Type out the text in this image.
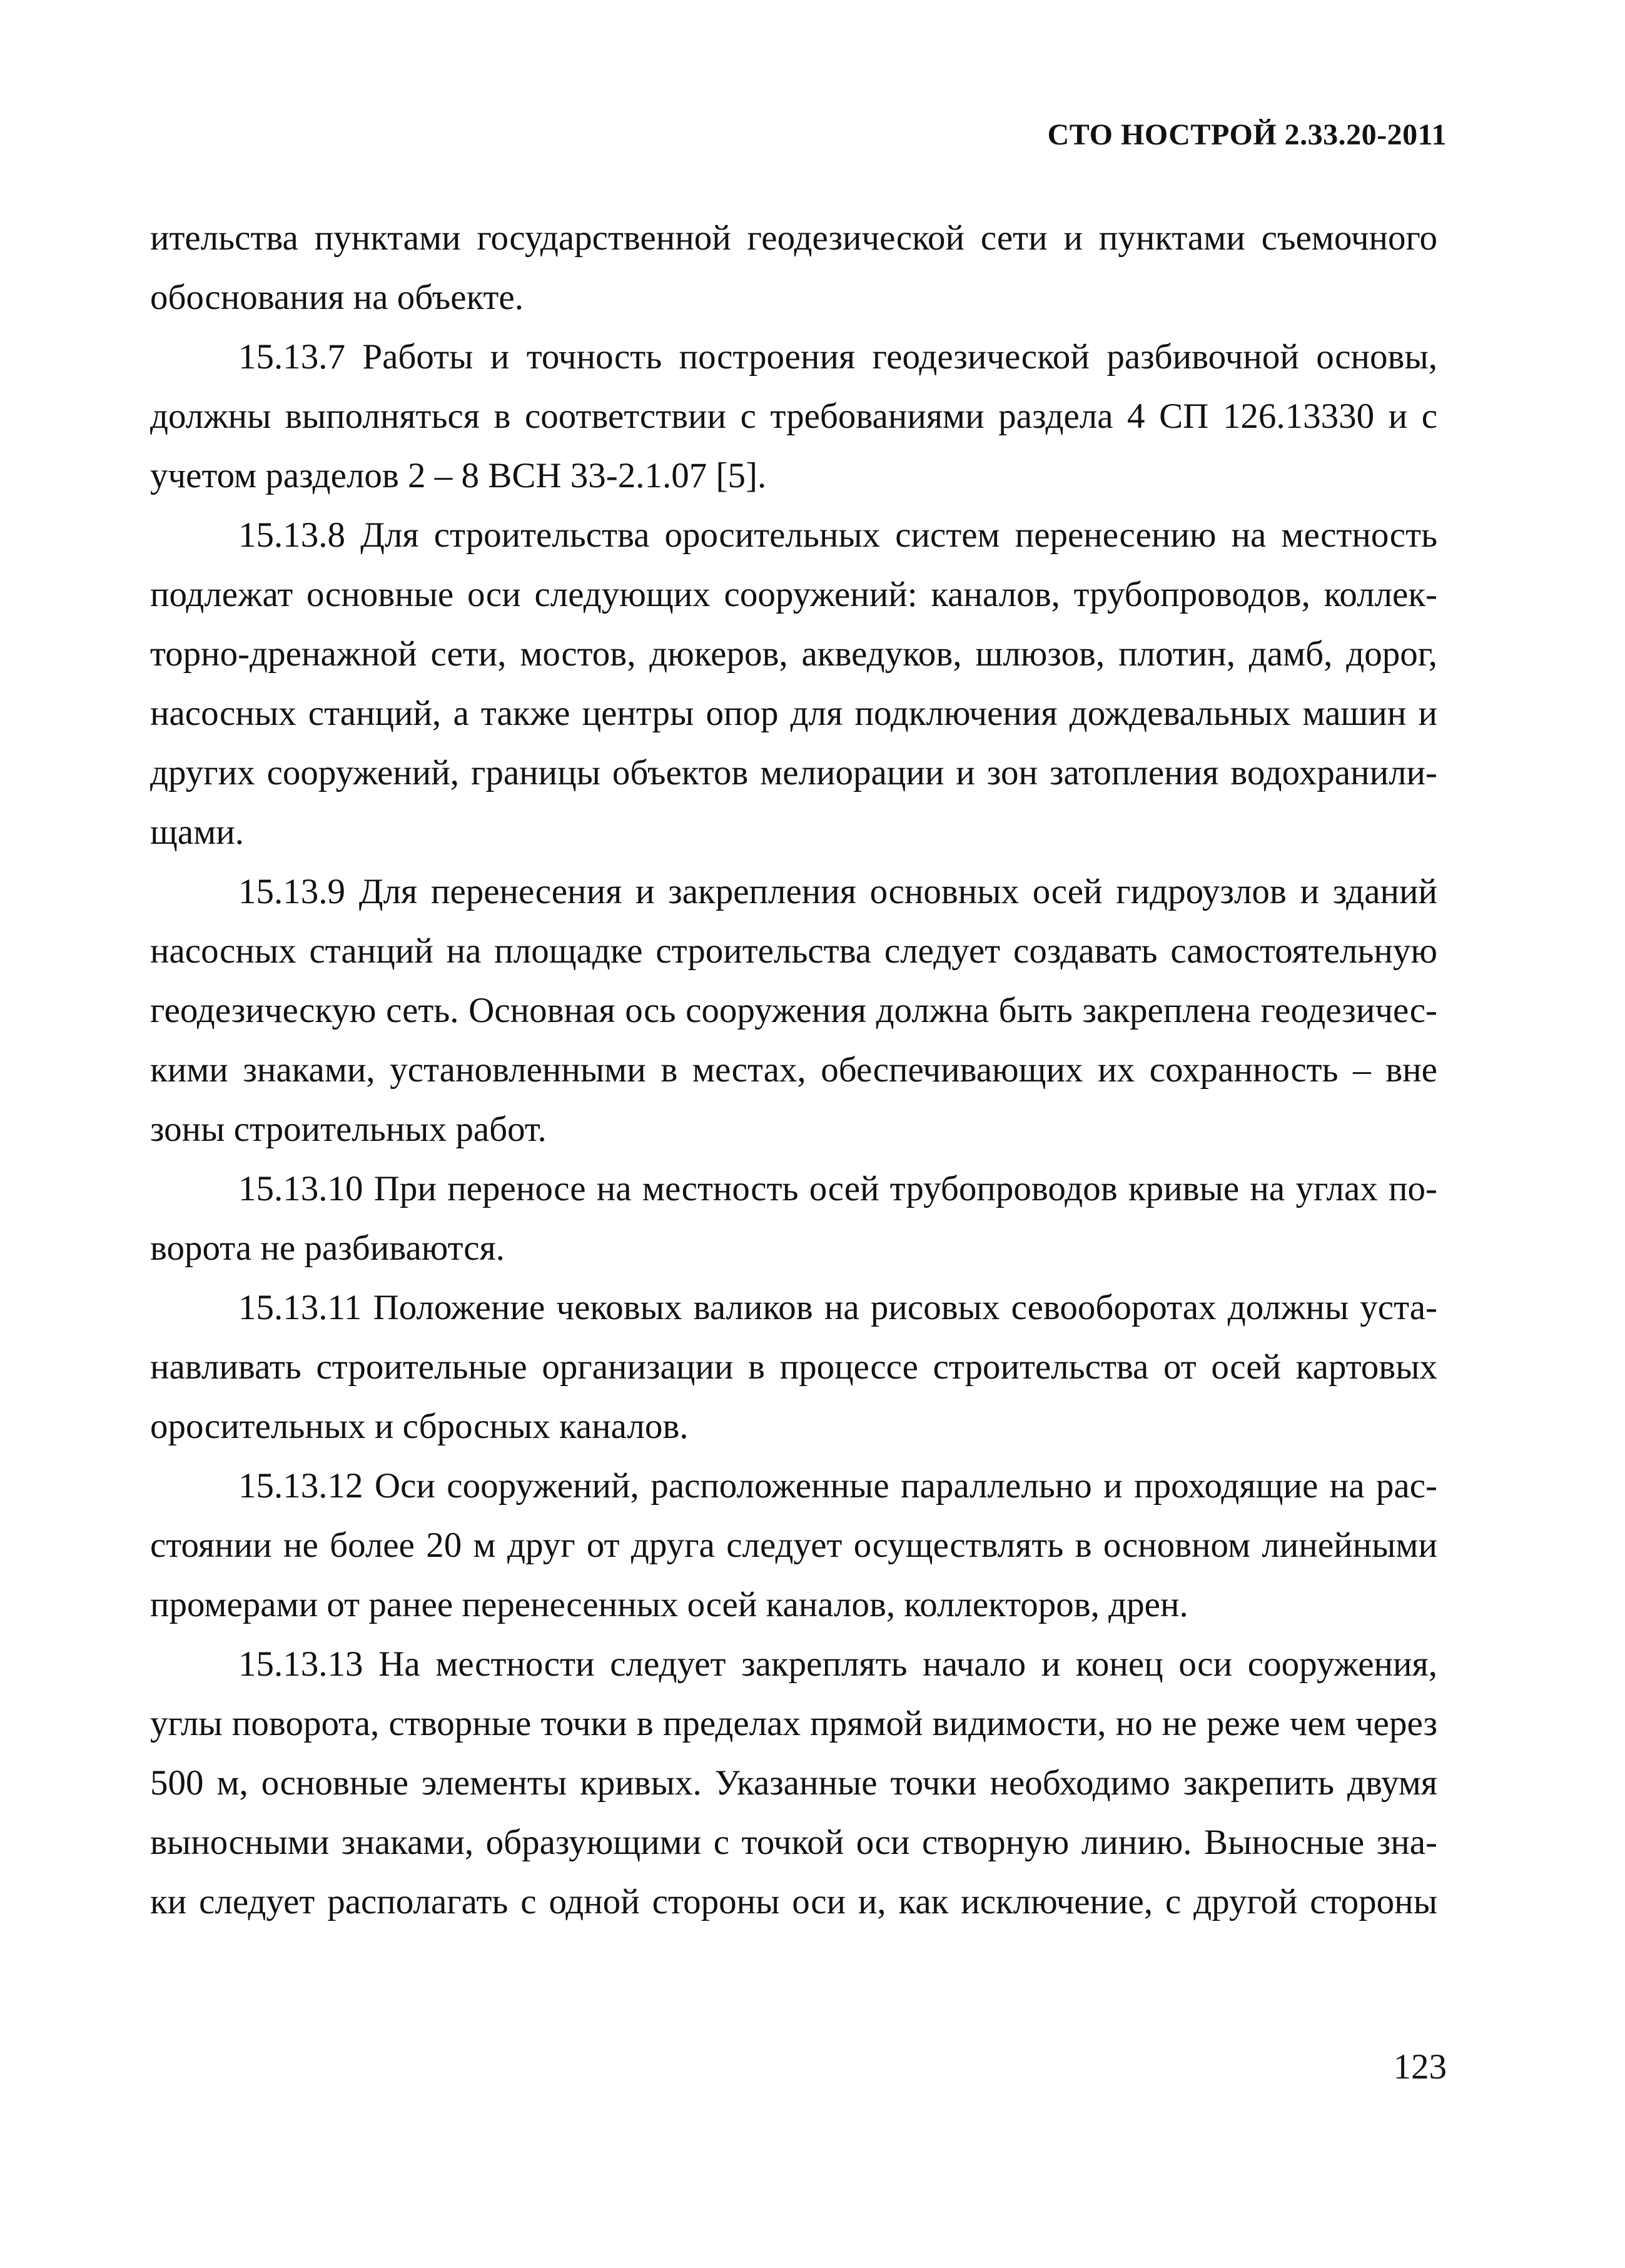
СТО НОСТРОЙ 2.33.20-2011
ительства пунктами государственной геодезической сети и пунктами съемочного
обоснования на объекте.
15.13.7 Работы и точность построения геодезической разбивочной основы,
должны выполняться в соответствии с требованиями раздела 4 СП 126.13330 и с
учетом разделов 2 – 8 ВСН 33-2.1.07 [5].
15.13.8 Для строительства оросительных систем перенесению на местность
подлежат основные оси следующих сооружений: каналов, трубопроводов, коллек-
торно-дренажной сети, мостов, дюкеров, акведуков, шлюзов, плотин, дамб, дорог,
насосных станций, а также центры опор для подключения дождевальных машин и
других сооружений, границы объектов мелиорации и зон затопления водохранили-
щами.
15.13.9 Для перенесения и закрепления основных осей гидроузлов и зданий
насосных станций на площадке строительства следует создавать самостоятельную
геодезическую сеть. Основная ось сооружения должна быть закреплена геодезичес-
кими знаками, установленными в местах, обеспечивающих их сохранность – вне
зоны строительных работ.
15.13.10 При переносе на местность осей трубопроводов кривые на углах по-
ворота не разбиваются.
15.13.11 Положение чековых валиков на рисовых севооборотах должны уста-
навливать строительные организации в процессе строительства от осей картовых
оросительных и сбросных каналов.
15.13.12 Оси сооружений, расположенные параллельно и проходящие на рас-
стоянии не более 20 м друг от друга следует осуществлять в основном линейными
промерами от ранее перенесенных осей каналов, коллекторов, дрен.
15.13.13 На местности следует закреплять начало и конец оси сооружения,
углы поворота, створные точки в пределах прямой видимости, но не реже чем через
500 м, основные элементы кривых. Указанные точки необходимо закрепить двумя
выносными знаками, образующими с точкой оси створную линию. Выносные зна-
ки следует располагать с одной стороны оси и, как исключение, с другой стороны
123
